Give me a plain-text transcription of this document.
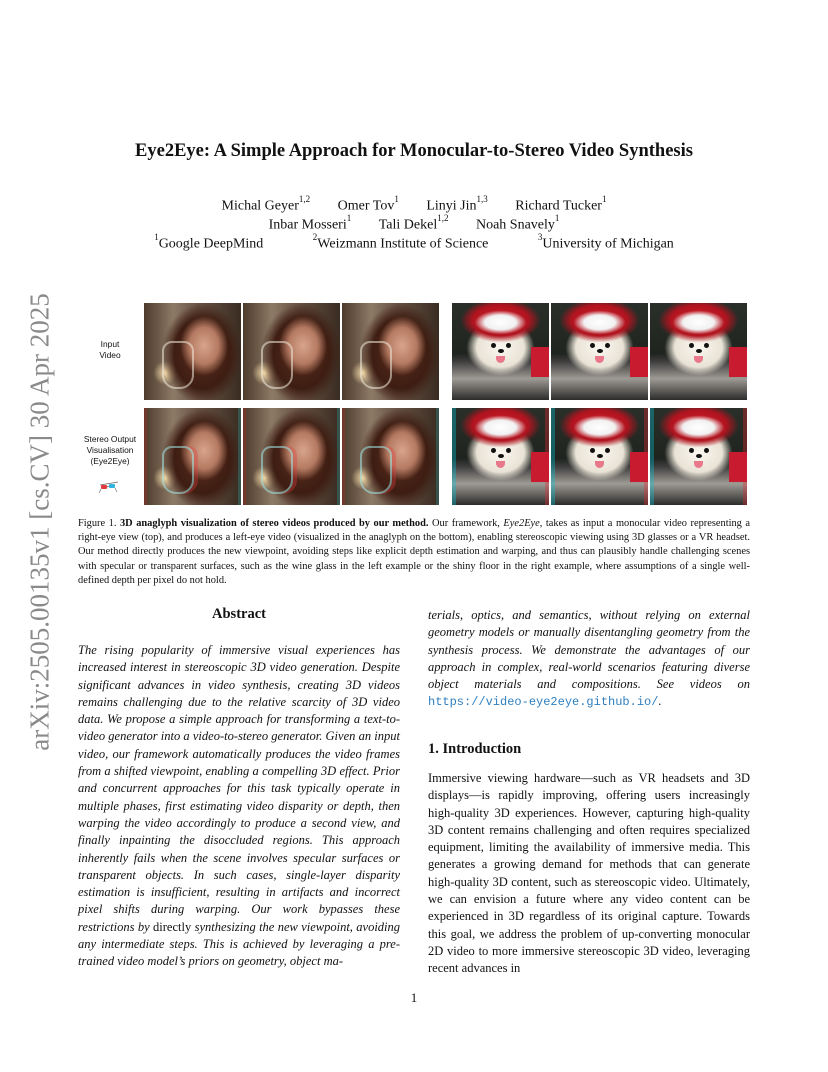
arXiv:2505.00135v1 [cs.CV] 30 Apr 2025
Eye2Eye: A Simple Approach for Monocular-to-Stereo Video Synthesis
Michal Geyer$^{1,2}$ Omer Tov$^1$ Linyi Jin$^{1,3}$ Richard Tucker$^1$
Inbar Mosseri$^1$ Tali Dekel$^{1,2}$ Noah Snavely$^1$
$^1$Google DeepMind	$^2$Weizmann Institute of Science	$^3$University of Michigan
Input
Video
Stereo Output
Visualisation
(Eye2Eye)
Figure 1. 3D anaglyph visualization of stereo videos produced by our method. Our framework, Eye2Eye, takes as input a monocular video representing a right-eye view (top), and produces a left-eye video (visualized in the anaglyph on the bottom), enabling stereoscopic viewing using 3D glasses or a VR headset. Our method directly produces the new viewpoint, avoiding steps like explicit depth estimation and warping, and thus can plausibly handle challenging scenes with specular or transparent surfaces, such as the wine glass in the left example or the shiny floor in the right example, where assumptions of a single well-defined depth per pixel do not hold.
Abstract
The rising popularity of immersive visual experiences has increased interest in stereoscopic 3D video generation. Despite significant advances in video synthesis, creating 3D videos remains challenging due to the relative scarcity of 3D video data. We propose a simple approach for transforming a text-to-video generator into a video-to-stereo generator. Given an input video, our framework automatically produces the video frames from a shifted viewpoint, enabling a compelling 3D effect. Prior and concurrent approaches for this task typically operate in multiple phases, first estimating video disparity or depth, then warping the video accordingly to produce a second view, and finally inpainting the disoccluded regions. This approach inherently fails when the scene involves specular surfaces or transparent objects. In such cases, single-layer disparity estimation is insufficient, resulting in artifacts and incorrect pixel shifts during warping. Our work bypasses these restrictions by directly synthesizing the new viewpoint, avoiding any intermediate steps. This is achieved by leveraging a pre-trained video model’s priors on geometry, object ma-
terials, optics, and semantics, without relying on external geometry models or manually disentangling geometry from the synthesis process. We demonstrate the advantages of our approach in complex, real-world scenarios featuring diverse object materials and compositions. See videos on https://video-eye2eye.github.io/.
1. Introduction
Immersive viewing hardware—such as VR headsets and 3D displays—is rapidly improving, offering users increasingly high-quality 3D experiences. However, capturing high-quality 3D content remains challenging and often requires specialized equipment, limiting the availability of immersive media. This generates a growing demand for methods that can generate high-quality 3D content, such as stereoscopic video. Ultimately, we can envision a future where any video content can be experienced in 3D regardless of its original capture. Towards this goal, we address the problem of up-converting monocular 2D video to more immersive stereoscopic 3D video, leveraging recent advances in
1
